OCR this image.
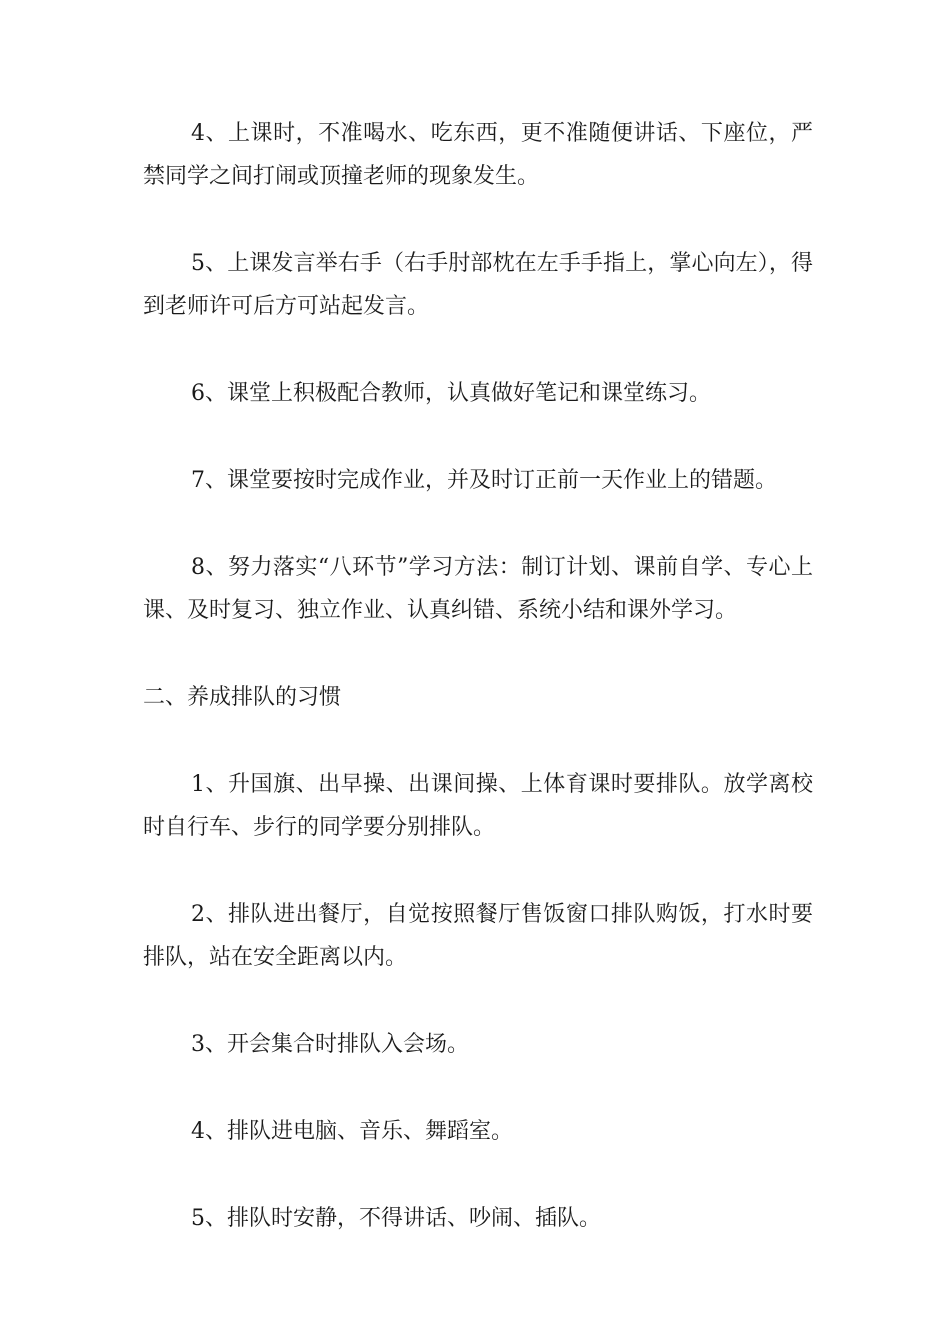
4、上课时，不准喝水、吃东西，更不准随便讲话、下座位，严禁同学之间打闹或顶撞老师的现象发生。

5、上课发言举右手（右手肘部枕在左手手指上，掌心向左），得到老师许可后方可站起发言。

6、课堂上积极配合教师，认真做好笔记和课堂练习。

7、课堂要按时完成作业，并及时订正前一天作业上的错题。

8、努力落实“八环节”学习方法：制订计划、课前自学、专心上课、及时复习、独立作业、认真纠错、系统小结和课外学习。

二、养成排队的习惯

1、升国旗、出早操、出课间操、上体育课时要排队。放学离校时自行车、步行的同学要分别排队。

2、排队进出餐厅，自觉按照餐厅售饭窗口排队购饭，打水时要排队，站在安全距离以内。

3、开会集合时排队入会场。

4、排队进电脑、音乐、舞蹈室。

5、排队时安静，不得讲话、吵闹、插队。
